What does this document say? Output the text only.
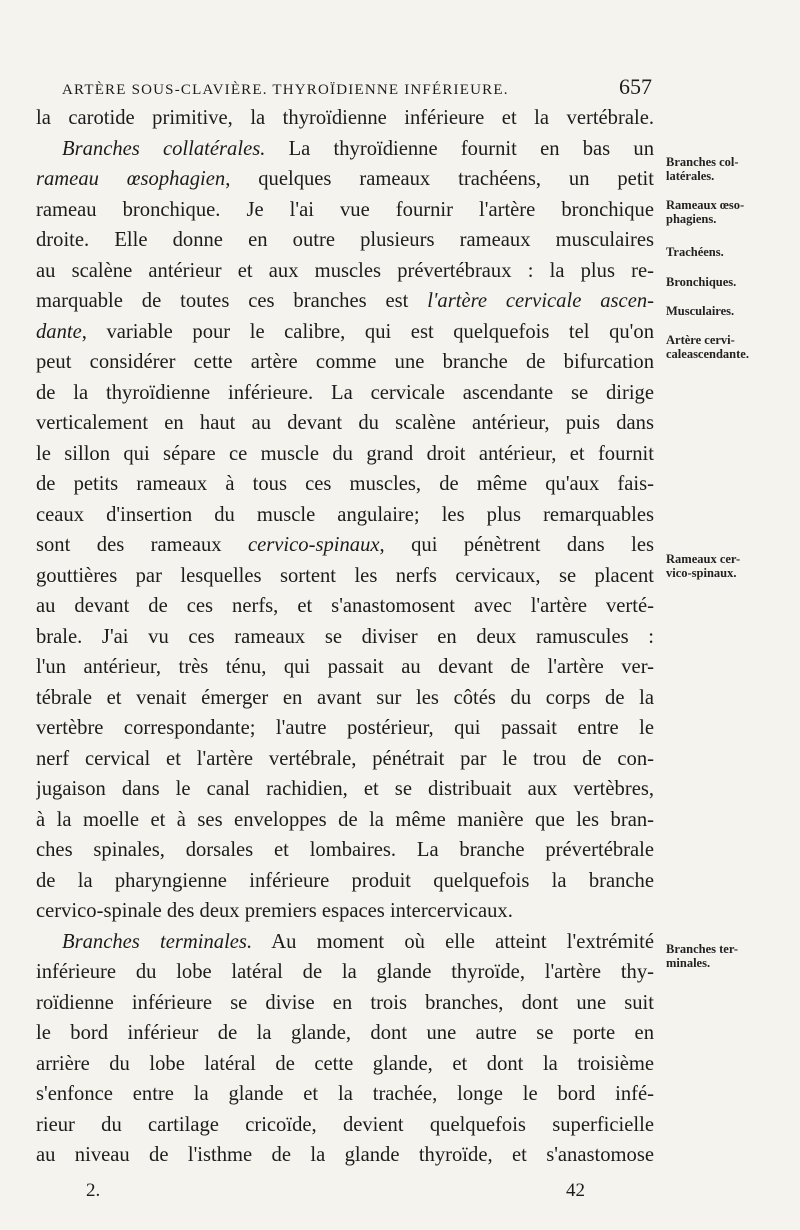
ARTÈRE SOUS-CLAVIÈRE. THYROÏDIENNE INFÉRIEURE.	657
la carotide primitive, la thyroïdienne inférieure et la vertébrale.
Branches collatérales. La thyroïdienne fournit en bas un
rameau œsophagien, quelques rameaux trachéens, un petit
rameau bronchique. Je l'ai vue fournir l'artère bronchique
droite. Elle donne en outre plusieurs rameaux musculaires
au scalène antérieur et aux muscles prévertébraux : la plus re-
marquable de toutes ces branches est l'artère cervicale ascen-
dante, variable pour le calibre, qui est quelquefois tel qu'on
peut considérer cette artère comme une branche de bifurcation
de la thyroïdienne inférieure. La cervicale ascendante se dirige
verticalement en haut au devant du scalène antérieur, puis dans
le sillon qui sépare ce muscle du grand droit antérieur, et fournit
de petits rameaux à tous ces muscles, de même qu'aux fais-
ceaux d'insertion du muscle angulaire; les plus remarquables
sont des rameaux cervico-spinaux, qui pénètrent dans les
gouttières par lesquelles sortent les nerfs cervicaux, se placent
au devant de ces nerfs, et s'anastomosent avec l'artère verté-
brale. J'ai vu ces rameaux se diviser en deux ramuscules :
l'un antérieur, très ténu, qui passait au devant de l'artère ver-
tébrale et venait émerger en avant sur les côtés du corps de la
vertèbre correspondante; l'autre postérieur, qui passait entre le
nerf cervical et l'artère vertébrale, pénétrait par le trou de con-
jugaison dans le canal rachidien, et se distribuait aux vertèbres,
à la moelle et à ses enveloppes de la même manière que les bran-
ches spinales, dorsales et lombaires. La branche prévertébrale
de la pharyngienne inférieure produit quelquefois la branche
cervico-spinale des deux premiers espaces intercervicaux.
Branches terminales. Au moment où elle atteint l'extrémité
inférieure du lobe latéral de la glande thyroïde, l'artère thy-
roïdienne inférieure se divise en trois branches, dont une suit
le bord inférieur de la glande, dont une autre se porte en
arrière du lobe latéral de cette glande, et dont la troisième
s'enfonce entre la glande et la trachée, longe le bord infé-
rieur du cartilage cricoïde, devient quelquefois superficielle
au niveau de l'isthme de la glande thyroïde, et s'anastomose
Branches col-
latérales.
Rameaux œso-
phagiens.
Trachéens.
Bronchiques.
Musculaires.
Artère cervi-
caleascendante.
Rameaux cer-
vico-spinaux.
Branches ter-
minales.
2.	42
